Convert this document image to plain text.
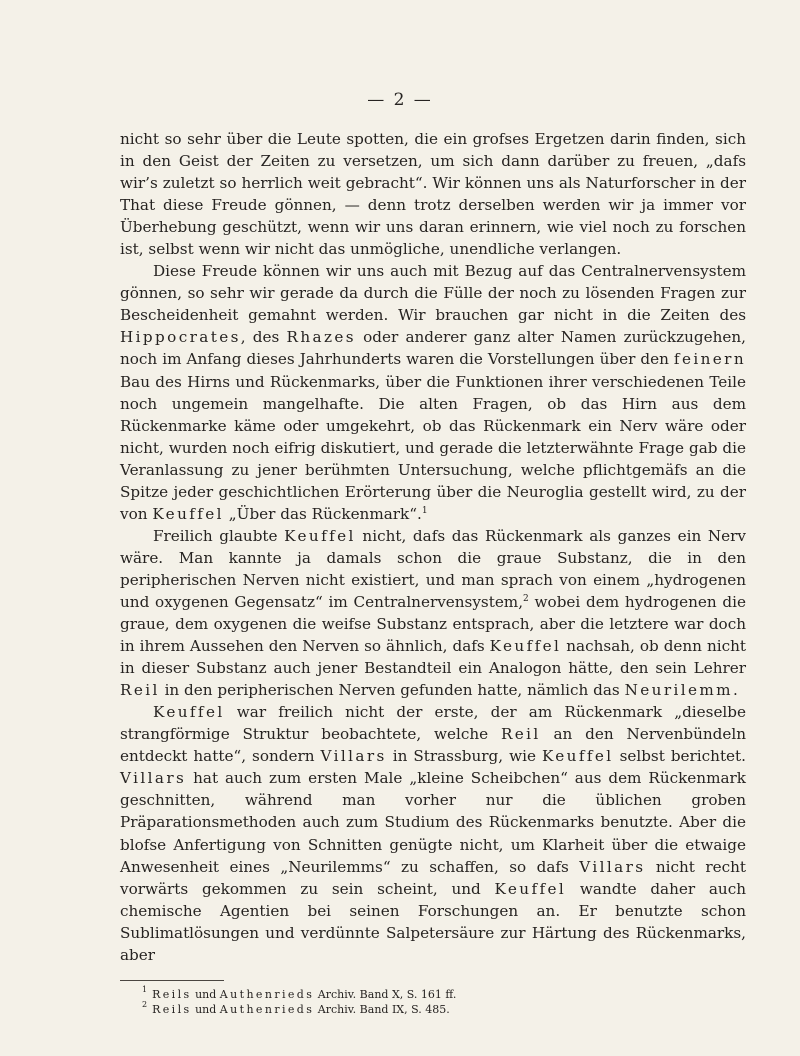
— 2 —

nicht so sehr über die Leute spotten, die ein grofses Ergetzen darin finden, sich in den Geist der Zeiten zu versetzen, um sich dann darüber zu freuen, „dafs wir’s zuletzt so herrlich weit gebracht“. Wir können uns als Naturforscher in der That diese Freude gönnen, — denn trotz derselben werden wir ja immer vor Überhebung geschützt, wenn wir uns daran erinnern, wie viel noch zu forschen ist, selbst wenn wir nicht das unmögliche, unendliche verlangen.

Diese Freude können wir uns auch mit Bezug auf das Centralnervensystem gönnen, so sehr wir gerade da durch die Fülle der noch zu lösenden Fragen zur Bescheidenheit gemahnt werden. Wir brauchen gar nicht in die Zeiten des Hippocrates, des Rhazes oder anderer ganz alter Namen zurückzugehen, noch im Anfang dieses Jahrhunderts waren die Vorstellungen über den feinern Bau des Hirns und Rückenmarks, über die Funktionen ihrer verschiedenen Teile noch ungemein mangelhafte. Die alten Fragen, ob das Hirn aus dem Rückenmarke käme oder umgekehrt, ob das Rückenmark ein Nerv wäre oder nicht, wurden noch eifrig diskutiert, und gerade die letzterwähnte Frage gab die Veranlassung zu jener berühmten Untersuchung, welche pflichtgemäfs an die Spitze jeder geschichtlichen Erörterung über die Neuroglia gestellt wird, zu der von Keuffel „Über das Rückenmark“.$^1$

Freilich glaubte Keuffel nicht, dafs das Rückenmark als ganzes ein Nerv wäre. Man kannte ja damals schon die graue Substanz, die in den peripherischen Nerven nicht existiert, und man sprach von einem „hydrogenen und oxygenen Gegensatz“ im Centralnervensystem,$^2$ wobei dem hydrogenen die graue, dem oxygenen die weifse Substanz entsprach, aber die letztere war doch in ihrem Aussehen den Nerven so ähnlich, dafs Keuffel nachsah, ob denn nicht in dieser Substanz auch jener Bestandteil ein Analogon hätte, den sein Lehrer Reil in den peripherischen Nerven gefunden hatte, nämlich das Neurilemm.

Keuffel war freilich nicht der erste, der am Rückenmark „dieselbe strangförmige Struktur beobachtete, welche Reil an den Nervenbündeln entdeckt hatte“, sondern Villars in Strassburg, wie Keuffel selbst berichtet. Villars hat auch zum ersten Male „kleine Scheibchen“ aus dem Rückenmark geschnitten, während man vorher nur die üblichen groben Präparationsmethoden auch zum Studium des Rückenmarks benutzte. Aber die blofse Anfertigung von Schnitten genügte nicht, um Klarheit über die etwaige Anwesenheit eines „Neurilemms“ zu schaffen, so dafs Villars nicht recht vorwärts gekommen zu sein scheint, und Keuffel wandte daher auch chemische Agentien bei seinen Forschungen an. Er benutzte schon Sublimatlösungen und verdünnte Salpetersäure zur Härtung des Rückenmarks, aber

$^1$ Reils und Authenrieds Archiv. Band X, S. 161 ff.
$^2$ Reils und Authenrieds Archiv. Band IX, S. 485.
